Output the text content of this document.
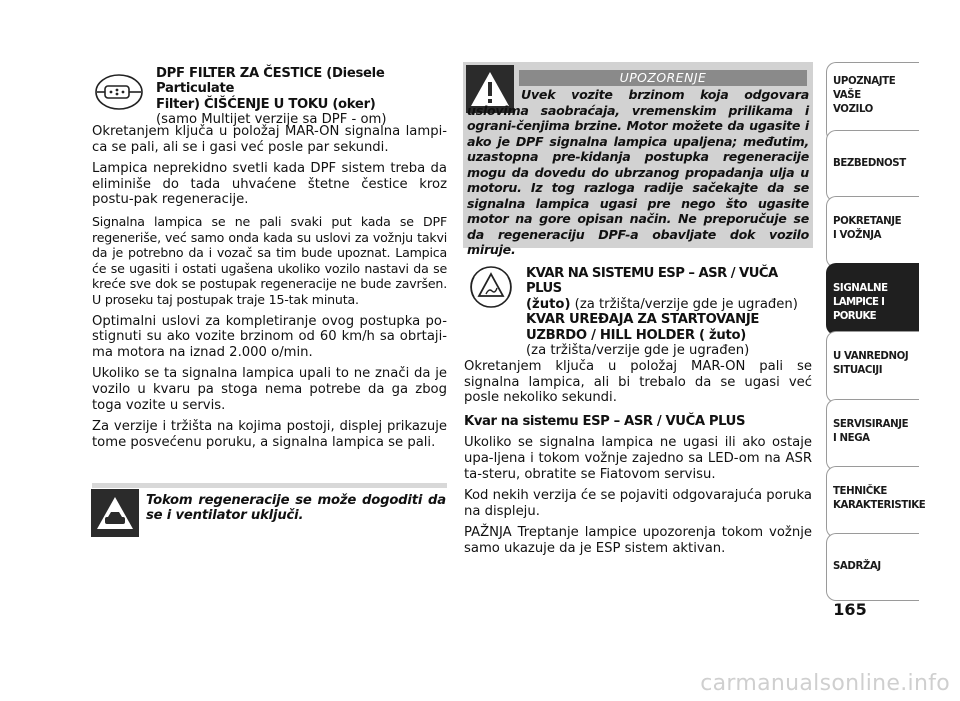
DPF FILTER ZA ČESTICE (Diesele Particulate

Filter) ČIŠĆENJE U TOKU (oker)

(samo Multijet verzije sa DPF - om)

Okretanjem ključa u položaj MAR-ON signalna lampi-ca se pali, ali se i gasi već posle par sekundi.

Lampica neprekidno svetli kada DPF sistem treba da eliminiše do tada uhvaćene štetne čestice kroz postu-pak regeneracije.

Signalna lampica se ne pali svaki put kada se DPF regeneriše, već samo onda kada su uslovi za vožnju takvi da je potrebno da i vozač sa tim bude upoznat. Lampica će se ugasiti i ostati ugašena ukoliko vozilo nastavi da se kreće sve dok se postupak regeneracije ne bude završen. U proseku taj postupak traje 15-tak minuta.

Optimalni uslovi za kompletiranje ovog postupka po-stignuti su ako vozite brzinom od 60 km/h sa obrtaji-ma motora na iznad 2.000 o/min.

Ukoliko se ta signalna lampica upali to ne znači da je vozilo u kvaru pa stoga nema potrebe da ga zbog toga vozite u servis.

Za verzije i tržišta na kojima postoji, displej prikazuje tome posvećenu poruku, a signalna lampica se pali.

Tokom regeneracije se može dogoditi da se i ventilator uključi.
UPOZORENJE
Uvek vozite brzinom koja odgovara uslovima saobraćaja, vremenskim prilikama i ograni-čenjima brzine. Motor možete da ugasite i ako je DPF signalna lampica upaljena; međutim, uzastopna pre-kidanja postupka regeneracije mogu da dovedu do ubrzanog propadanja ulja u motoru. Iz tog razloga radije sačekajte da se signalna lampica ugasi pre nego što ugasite motor na gore opisan način. Ne preporučuje se da regeneraciju DPF-a obavljate dok vozilo miruje.

KVAR NA SISTEMU ESP – ASR / VUČA PLUS

(žuto) (za tržišta/verzije gde je ugrađen)

KVAR UREĐAJA ZA STARTOVANJE

UZBRDO / HILL HOLDER ( žuto)

(za tržišta/verzije gde je ugrađen)

Okretanjem ključa u položaj MAR-ON pali se signalna lampica, ali bi trebalo da se ugasi već posle nekoliko sekundi.

Kvar na sistemu ESP – ASR / VUČA PLUS

Ukoliko se signalna lampica ne ugasi ili ako ostaje upa-ljena i tokom vožnje zajedno sa LED-om na ASR ta-steru, obratite se Fiatovom servisu.

Kod nekih verzija će se pojaviti odgovarajuća poruka na displeju.

PAŽNJA Treptanje lampice upozorenja tokom vožnje samo ukazuje da je ESP sistem aktivan.

UPOZNAJTE
VAŠE
VOZILO
BEZBEDNOST
POKRETANJE
I VOŽNJA
SIGNALNE
LAMPICE I PORUKE
U VANREDNOJ
SITUACIJI
SERVISIRANJE
I NEGA
TEHNIČKE
KARAKTERISTIKE
SADRŽAJ
165
carmanualsonline.info
